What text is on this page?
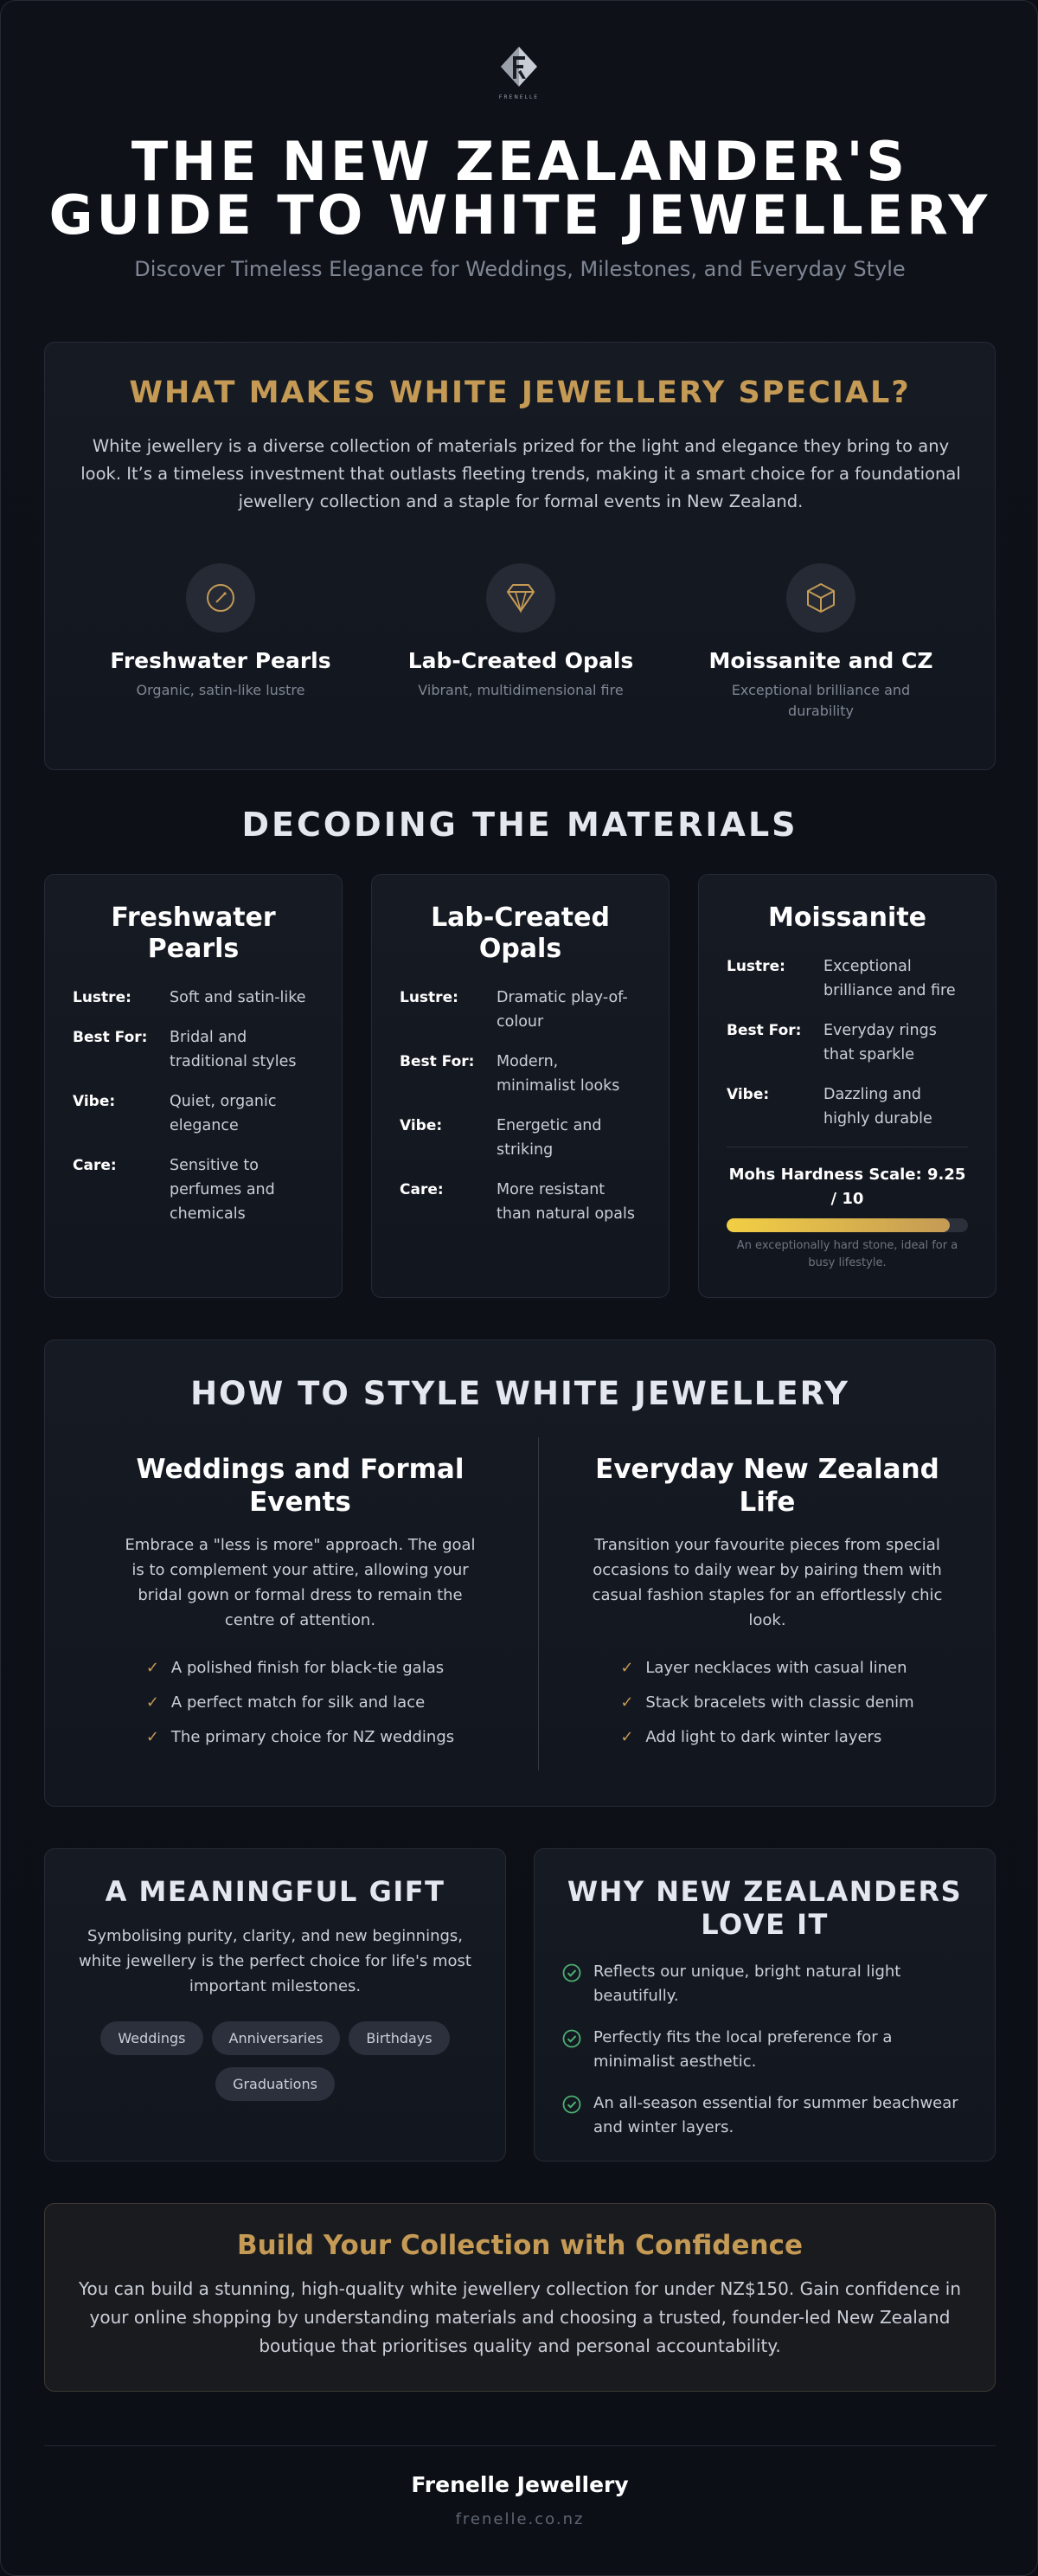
FRENELLE
THE NEW ZEALANDER'S
GUIDE TO WHITE JEWELLERY
Discover Timeless Elegance for Weddings, Milestones, and Everyday Style
WHAT MAKES WHITE JEWELLERY SPECIAL?

White jewellery is a diverse collection of materials prized for the light and elegance they bring to any look. It’s a timeless investment that outlasts fleeting trends, making it a smart choice for a foundational jewellery collection and a staple for formal events in New Zealand.

Freshwater Pearls
Organic, satin-like lustre
Lab-Created Opals
Vibrant, multidimensional fire
Moissanite and CZ
Exceptional brilliance and durability
DECODING THE MATERIALS
Freshwater Pearls
Lustre:	Soft and satin-like
Best For:	Bridal and traditional styles
Vibe:	Quiet, organic elegance
Care:	Sensitive to perfumes and chemicals
Lab-Created Opals
Lustre:	Dramatic play-of-colour
Best For:	Modern, minimalist looks
Vibe:	Energetic and striking
Care:	More resistant than natural opals
Moissanite
Lustre:	Exceptional brilliance and fire
Best For:	Everyday rings that sparkle
Vibe:	Dazzling and highly durable
Mohs Hardness Scale: 9.25 / 10
An exceptionally hard stone, ideal for a busy lifestyle.
HOW TO STYLE WHITE JEWELLERY
Weddings and Formal Events

Embrace a "less is more" approach. The goal is to complement your attire, allowing your bridal gown or formal dress to remain the centre of attention.

✓ A polished finish for black-tie galas
✓ A perfect match for silk and lace
✓ The primary choice for NZ weddings
Everyday New Zealand Life

Transition your favourite pieces from special occasions to daily wear by pairing them with casual fashion staples for an effortlessly chic look.

✓ Layer necklaces with casual linen
✓ Stack bracelets with classic denim
✓ Add light to dark winter layers
A MEANINGFUL GIFT

Symbolising purity, clarity, and new beginnings, white jewellery is the perfect choice for life's most important milestones.

Weddings	Anniversaries	Birthdays
Graduations
WHY NEW ZEALANDERS LOVE IT
Reflects our unique, bright natural light beautifully.
Perfectly fits the local preference for a minimalist aesthetic.
An all-season essential for summer beachwear and winter layers.
Build Your Collection with Confidence

You can build a stunning, high-quality white jewellery collection for under NZ$150. Gain confidence in your online shopping by understanding materials and choosing a trusted, founder-led New Zealand boutique that prioritises quality and personal accountability.

Frenelle Jewellery
frenelle.co.nz
